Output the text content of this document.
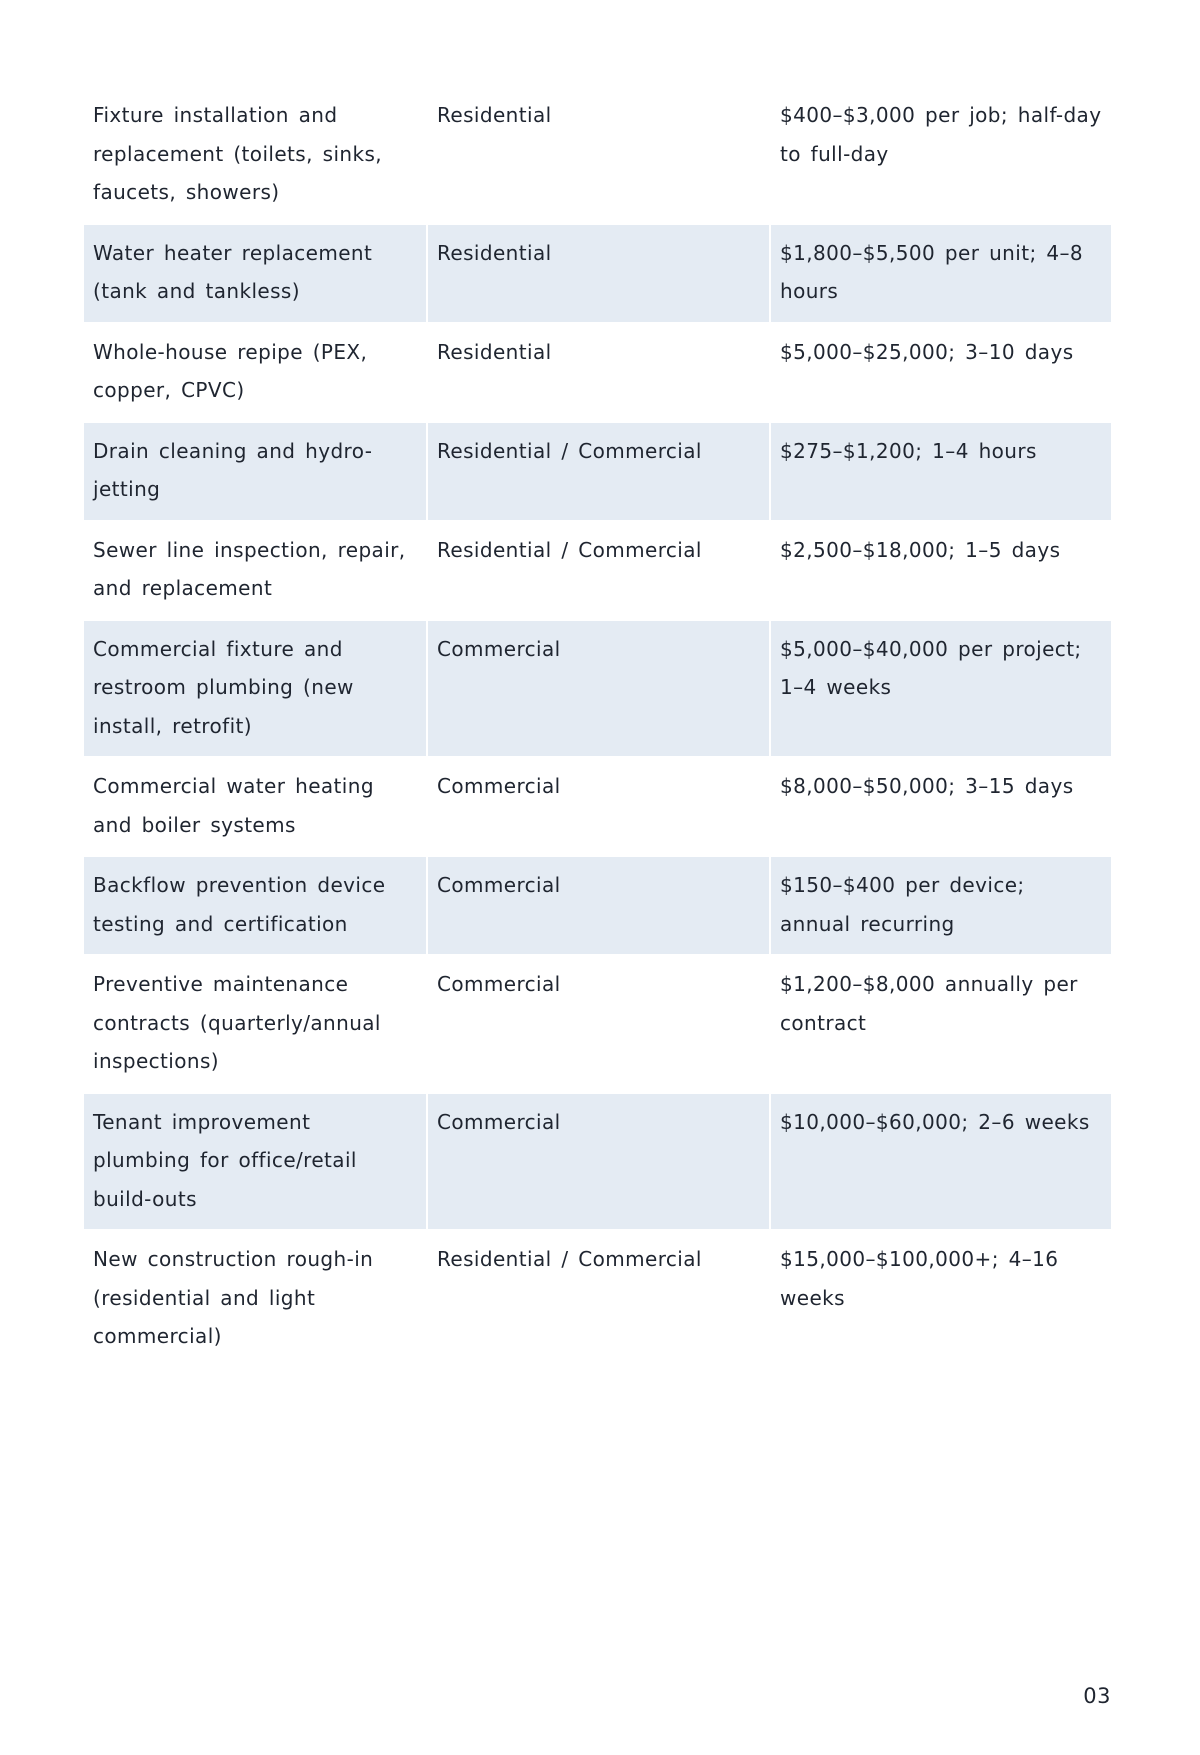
Fixture installation and replacement (toilets, sinks, faucets, showers)	Residential	$400–$3,000 per job; half-day to full-day
Water heater replacement (tank and tankless)	Residential	$1,800–$5,500 per unit; 4–8 hours
Whole-house repipe (PEX, copper, CPVC)	Residential	$5,000–$25,000; 3–10 days
Drain cleaning and hydro-jetting	Residential / Commercial	$275–$1,200; 1–4 hours
Sewer line inspection, repair, and replacement	Residential / Commercial	$2,500–$18,000; 1–5 days
Commercial fixture and restroom plumbing (new install, retrofit)	Commercial	$5,000–$40,000 per project; 1–4 weeks
Commercial water heating and boiler systems	Commercial	$8,000–$50,000; 3–15 days
Backflow prevention device testing and certification	Commercial	$150–$400 per device; annual recurring
Preventive maintenance contracts (quarterly/annual inspections)	Commercial	$1,200–$8,000 annually per contract
Tenant improvement plumbing for office/retail build-outs	Commercial	$10,000–$60,000; 2–6 weeks
New construction rough-in (residential and light commercial)	Residential / Commercial	$15,000–$100,000+; 4–16 weeks
03
